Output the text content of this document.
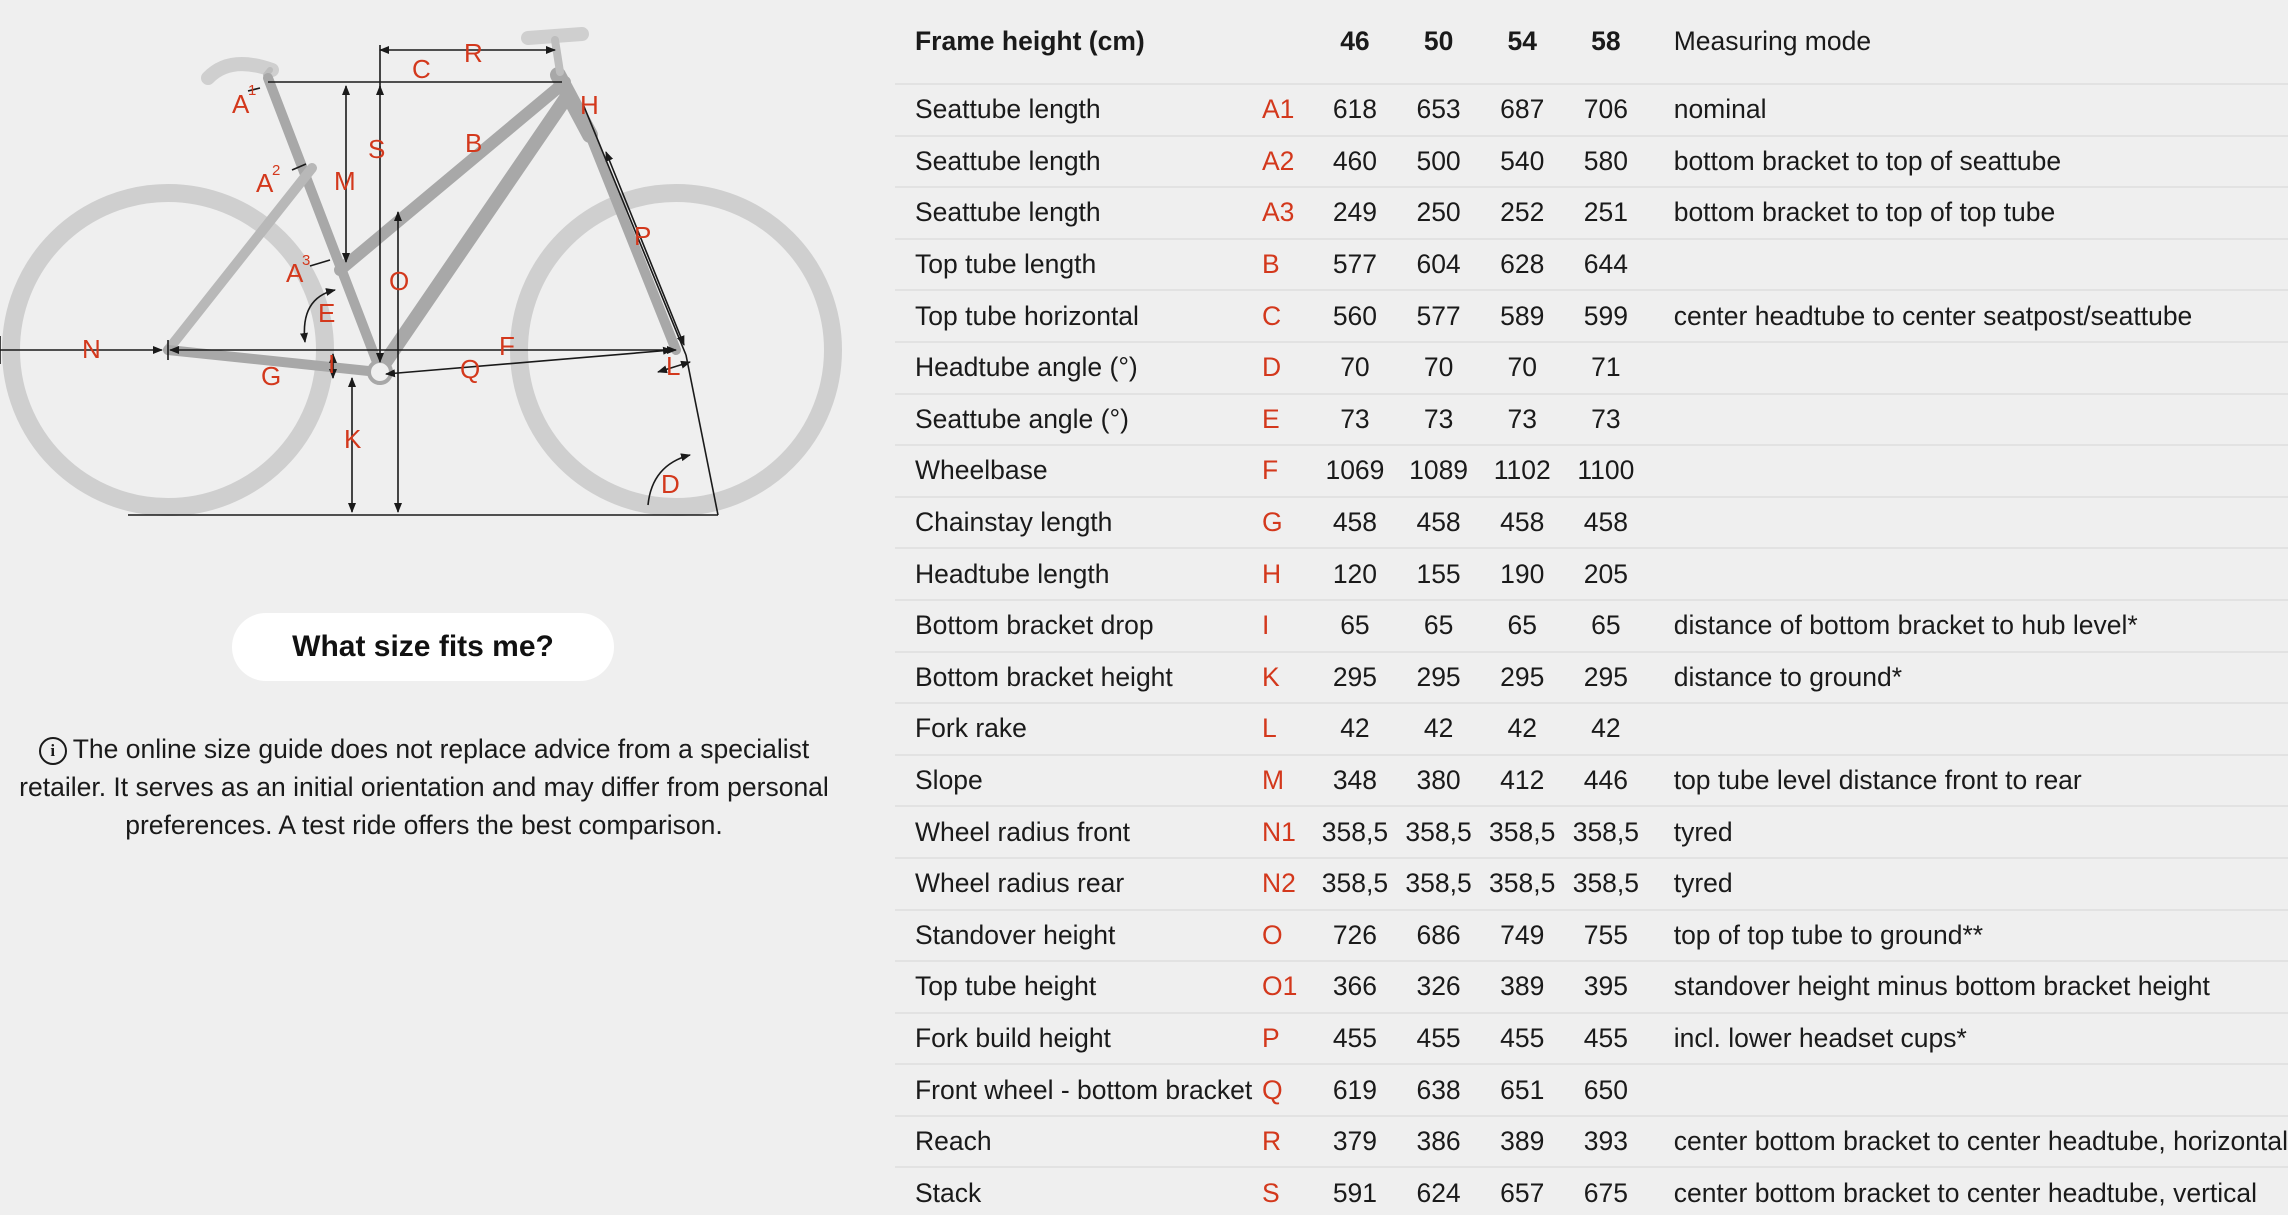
A
1
A
2
A
3
B
C
D
E
F
G
H
I
K
L
M
N
O
P
Q
R
S
What size fits me?
i The online size guide does not replace advice from a specialist retailer. It serves as an initial orientation and may differ from personal preferences. A test ride offers the best comparison.
Frame height (cm)		46	50	54	58	Measuring mode
Seattube length	A1	618	653	687	706	nominal
Seattube length	A2	460	500	540	580	bottom bracket to top of seattube
Seattube length	A3	249	250	252	251	bottom bracket to top of top tube
Top tube length	B	577	604	628	644	
Top tube horizontal	C	560	577	589	599	center headtube to center seatpost/seattube
Headtube angle (°)	D	70	70	70	71	
Seattube angle (°)	E	73	73	73	73	
Wheelbase	F	1069	1089	1102	1100	
Chainstay length	G	458	458	458	458	
Headtube length	H	120	155	190	205	
Bottom bracket drop	I	65	65	65	65	distance of bottom bracket to hub level*
Bottom bracket height	K	295	295	295	295	distance to ground*
Fork rake	L	42	42	42	42	
Slope	M	348	380	412	446	top tube level distance front to rear
Wheel radius front	N1	358,5	358,5	358,5	358,5	tyred
Wheel radius rear	N2	358,5	358,5	358,5	358,5	tyred
Standover height	O	726	686	749	755	top of top tube to ground**
Top tube height	O1	366	326	389	395	standover height minus bottom bracket height
Fork build height	P	455	455	455	455	incl. lower headset cups*
Front wheel - bottom bracket	Q	619	638	651	650	
Reach	R	379	386	389	393	center bottom bracket to center headtube, horizontal
Stack	S	591	624	657	675	center bottom bracket to center headtube, vertical
